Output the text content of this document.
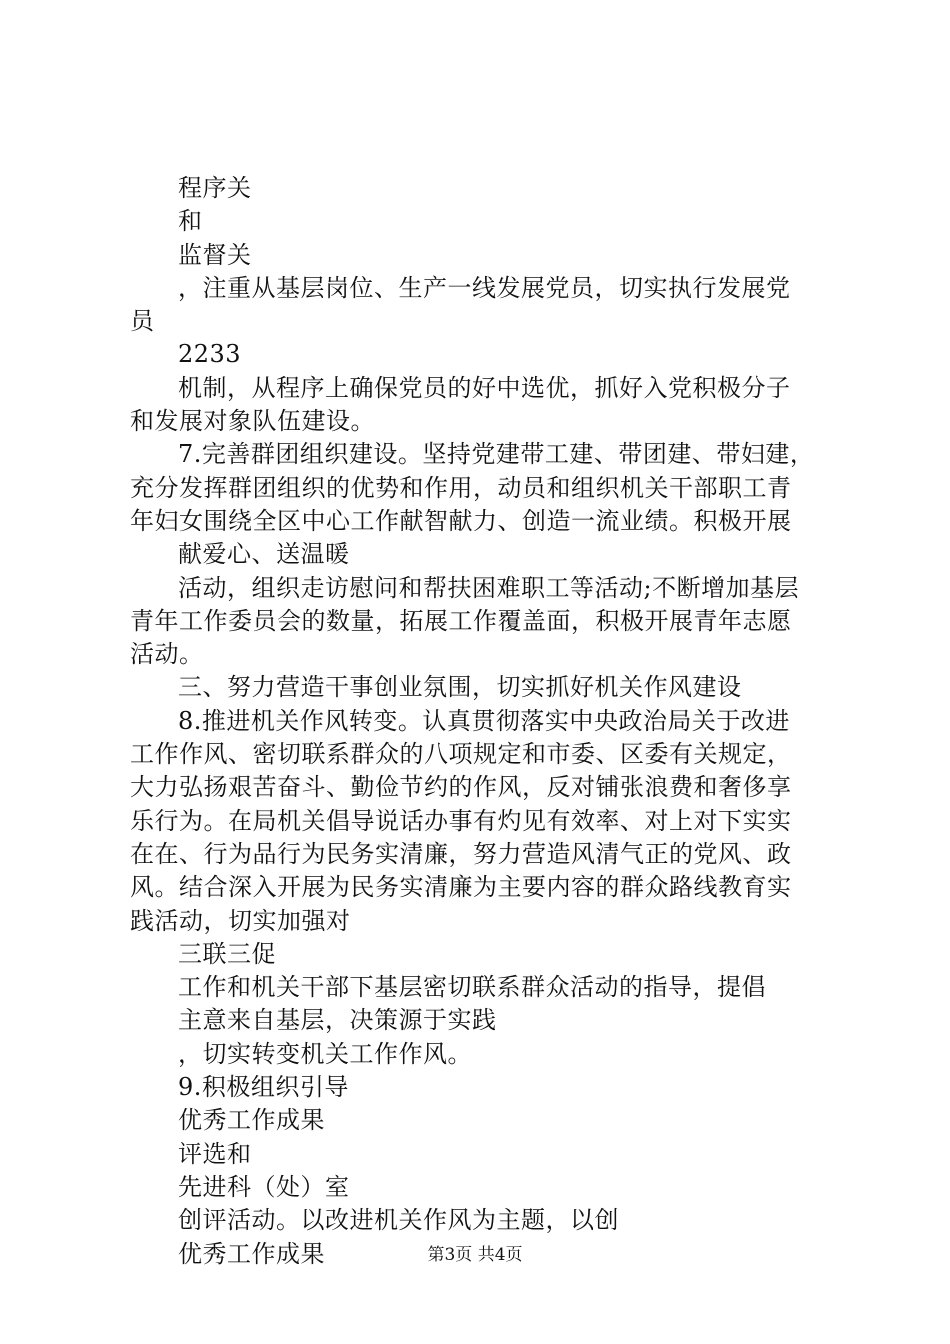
程序关
和
监督关
，注重从基层岗位、生产一线发展党员，切实执行发展党
员
2233
机制，从程序上确保党员的好中选优，抓好入党积极分子
和发展对象队伍建设。
7.完善群团组织建设。坚持党建带工建、带团建、带妇建，
充分发挥群团组织的优势和作用，动员和组织机关干部职工青
年妇女围绕全区中心工作献智献力、创造一流业绩。积极开展
献爱心、送温暖
活动，组织走访慰问和帮扶困难职工等活动;不断增加基层
青年工作委员会的数量，拓展工作覆盖面，积极开展青年志愿
活动。
三、努力营造干事创业氛围，切实抓好机关作风建设
8.推进机关作风转变。认真贯彻落实中央政治局关于改进
工作作风、密切联系群众的八项规定和市委、区委有关规定，
大力弘扬艰苦奋斗、勤俭节约的作风，反对铺张浪费和奢侈享
乐行为。在局机关倡导说话办事有灼见有效率、对上对下实实
在在、行为品行为民务实清廉，努力营造风清气正的党风、政
风。结合深入开展为民务实清廉为主要内容的群众路线教育实
践活动，切实加强对
三联三促
工作和机关干部下基层密切联系群众活动的指导，提倡
主意来自基层，决策源于实践
，切实转变机关工作作风。
9.积极组织引导
优秀工作成果
评选和
先进科（处）室
创评活动。以改进机关作风为主题，以创
优秀工作成果	第3页 共4页
